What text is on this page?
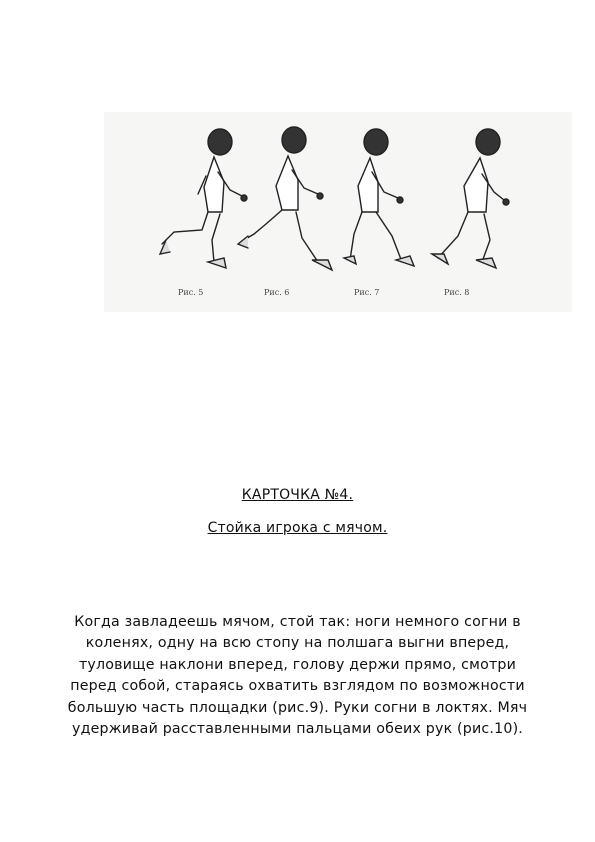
Рис. 5	Рис. 6	Рис. 7	Рис. 8
КАРТОЧКА №4.
Стойка игрока с мячом.
Когда завладеешь мячом, стой так: ноги немного согни в коленях, одну на всю стопу на полшага выгни вперед, туловище наклони вперед, голову держи прямо, смотри перед собой, стараясь охватить взглядом по возможности большую часть площадки (рис.9). Руки согни в локтях. Мяч удерживай расставленными пальцами обеих рук (рис.10).
